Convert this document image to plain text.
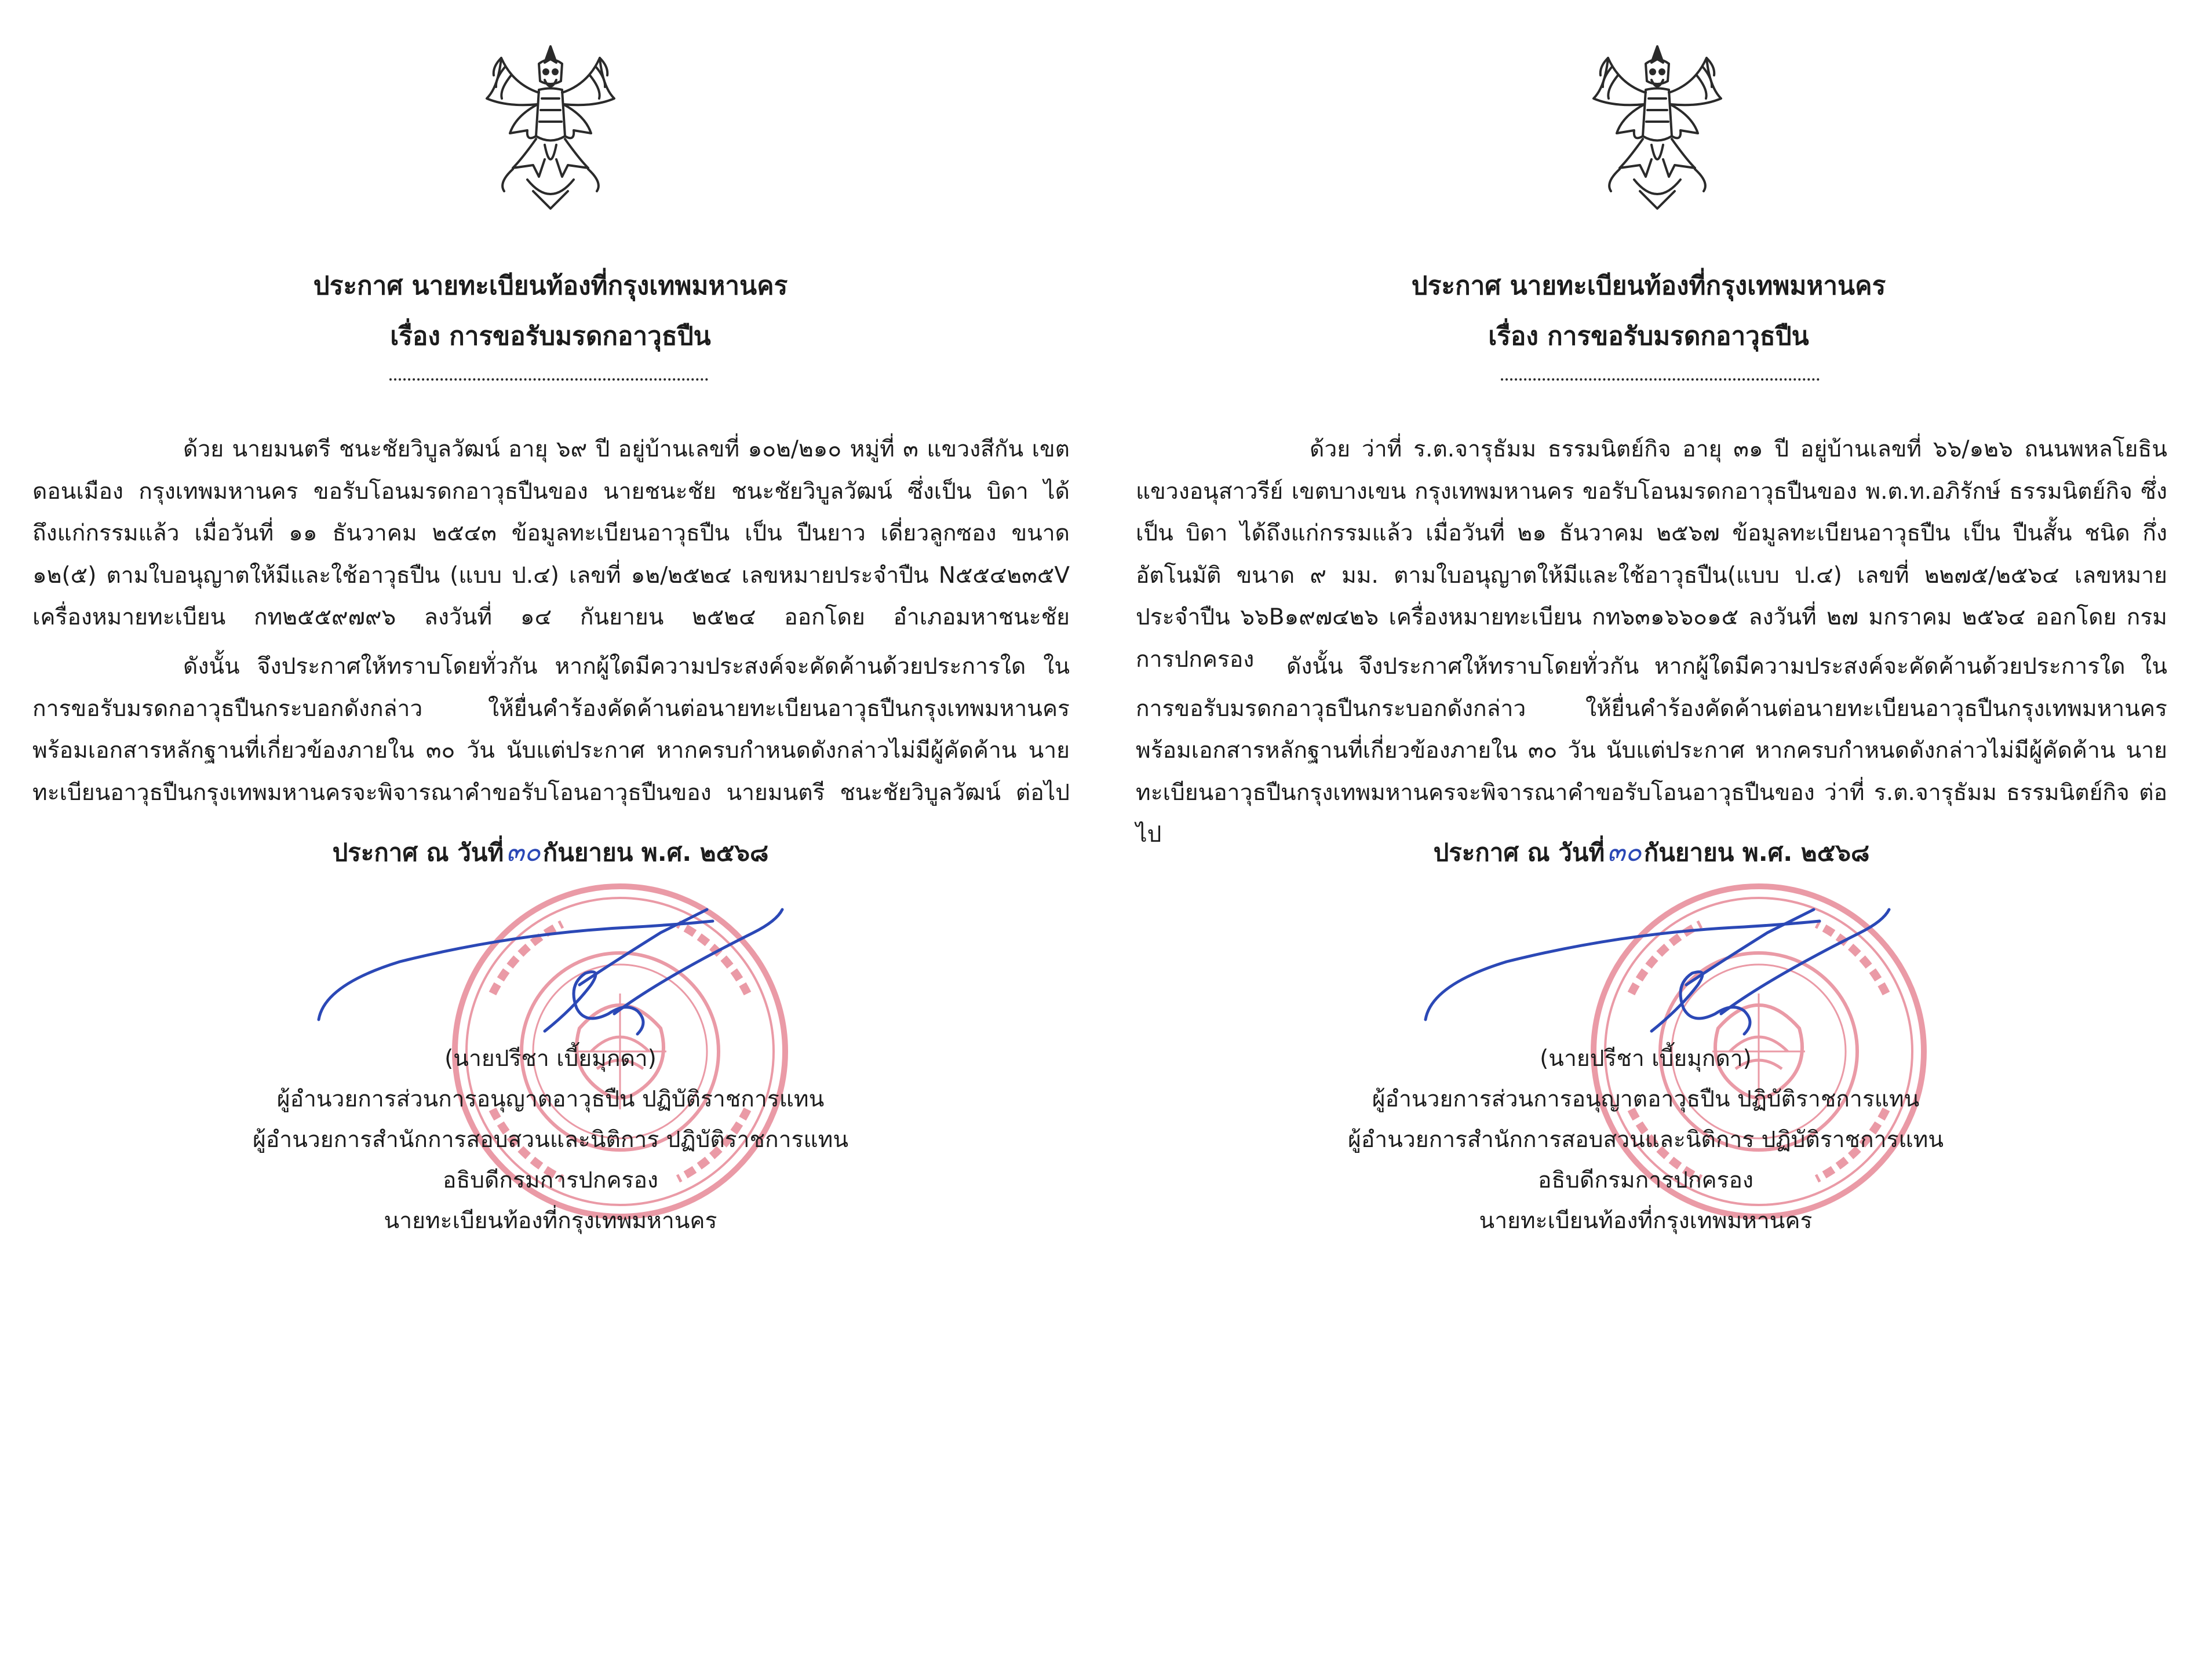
ประกาศ นายทะเบียนท้องที่กรุงเทพมหานคร
เรื่อง การขอรับมรดกอาวุธปืน

ด้วย นายมนตรี ชนะชัยวิบูลวัฒน์ อายุ ๖๙ ปี อยู่บ้านเลขที่ ๑๐๒/๒๑๐ หมู่ที่ ๓ แขวงสีกัน เขตดอนเมือง กรุงเทพมหานคร ขอรับโอนมรดกอาวุธปืนของ นายชนะชัย ชนะชัยวิบูลวัฒน์ ซึ่งเป็น บิดา ได้ถึงแก่กรรมแล้ว เมื่อวันที่ ๑๑ ธันวาคม ๒๕๔๓ ข้อมูลทะเบียนอาวุธปืน เป็น ปืนยาว เดี่ยวลูกซอง ขนาด ๑๒(๕) ตามใบอนุญาตให้มีและใช้อาวุธปืน (แบบ ป.๔) เลขที่ ๑๒/๒๕๒๔ เลขหมายประจำปืน N๕๕๔๒๓๕V เครื่องหมายทะเบียน กท๒๕๕๙๗๙๖ ลงวันที่ ๑๔ กันยายน ๒๕๒๔ ออกโดย อำเภอมหาชนะชัย

ดังนั้น จึงประกาศให้ทราบโดยทั่วกัน หากผู้ใดมีความประสงค์จะคัดค้านด้วยประการใด ในการขอรับมรดกอาวุธปืนกระบอกดังกล่าว ให้ยื่นคำร้องคัดค้านต่อนายทะเบียนอาวุธปืนกรุงเทพมหานคร พร้อมเอกสารหลักฐานที่เกี่ยวข้องภายใน ๓๐ วัน นับแต่ประกาศ หากครบกำหนดดังกล่าวไม่มีผู้คัดค้าน นายทะเบียนอาวุธปืนกรุงเทพมหานครจะพิจารณาคำขอรับโอนอาวุธปืนของ นายมนตรี ชนะชัยวิบูลวัฒน์ ต่อไป

ประกาศ ณ วันที่๓๐กันยายน พ.ศ. ๒๕๖๘
(นายปรีชา เบี้ยมุกดา)
ผู้อำนวยการส่วนการอนุญาตอาวุธปืน ปฏิบัติราชการแทน
ผู้อำนวยการสำนักการสอบสวนและนิติการ ปฏิบัติราชการแทน
อธิบดีกรมการปกครอง
นายทะเบียนท้องที่กรุงเทพมหานคร
ประกาศ นายทะเบียนท้องที่กรุงเทพมหานคร
เรื่อง การขอรับมรดกอาวุธปืน

ด้วย ว่าที่ ร.ต.จารุธัมม ธรรมนิตย์กิจ อายุ ๓๑ ปี อยู่บ้านเลขที่ ๖๖/๑๒๖ ถนนพหลโยธิน แขวงอนุสาวรีย์ เขตบางเขน กรุงเทพมหานคร ขอรับโอนมรดกอาวุธปืนของ พ.ต.ท.อภิรักษ์ ธรรมนิตย์กิจ ซึ่งเป็น บิดา ได้ถึงแก่กรรมแล้ว เมื่อวันที่ ๒๑ ธันวาคม ๒๕๖๗ ข้อมูลทะเบียนอาวุธปืน เป็น ปืนสั้น ชนิด กึ่งอัตโนมัติ ขนาด ๙ มม. ตามใบอนุญาตให้มีและใช้อาวุธปืน(แบบ ป.๔) เลขที่ ๒๒๗๕/๒๕๖๔ เลขหมายประจำปืน ๖๖B๑๙๗๔๒๖ เครื่องหมายทะเบียน กท๖๓๑๖๖๐๑๕ ลงวันที่ ๒๗ มกราคม ๒๕๖๔ ออกโดย กรมการปกครอง	ดังนั้น จึงประกาศให้ทราบโดยทั่วกัน หากผู้ใดมีความประสงค์จะคัดค้านด้วยประการใด ในการขอรับมรดกอาวุธปืนกระบอกดังกล่าว ให้ยื่นคำร้องคัดค้านต่อนายทะเบียนอาวุธปืนกรุงเทพมหานคร พร้อมเอกสารหลักฐานที่เกี่ยวข้องภายใน ๓๐ วัน นับแต่ประกาศ หากครบกำหนดดังกล่าวไม่มีผู้คัดค้าน นายทะเบียนอาวุธปืนกรุงเทพมหานครจะพิจารณาคำขอรับโอนอาวุธปืนของ ว่าที่ ร.ต.จารุธัมม ธรรมนิตย์กิจ ต่อไป

ประกาศ ณ วันที่๓๐กันยายน พ.ศ. ๒๕๖๘
(นายปรีชา เบี้ยมุกดา)
ผู้อำนวยการส่วนการอนุญาตอาวุธปืน ปฏิบัติราชการแทน
ผู้อำนวยการสำนักการสอบสวนและนิติการ ปฏิบัติราชการแทน
อธิบดีกรมการปกครอง
นายทะเบียนท้องที่กรุงเทพมหานคร
